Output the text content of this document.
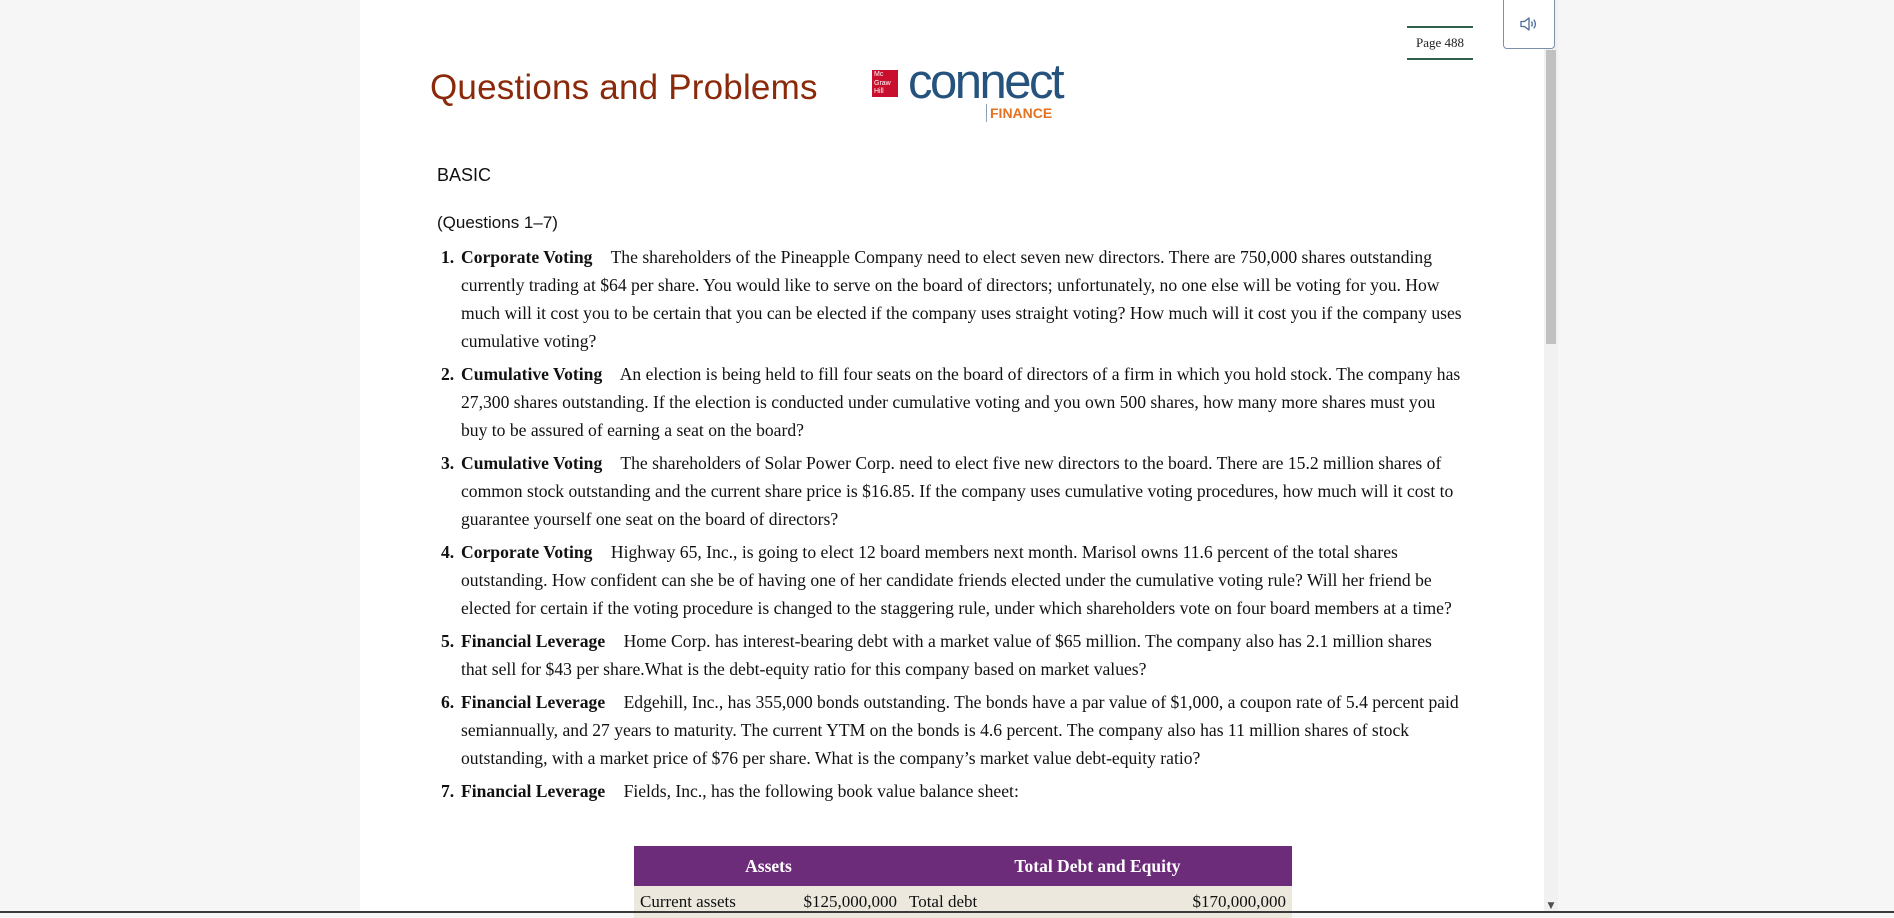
▼
Page 488
Questions and Problems	Mc
Graw
Hill connect
FINANCE
BASIC
(Questions 1–7)
1. Corporate Voting The shareholders of the Pineapple Company need to elect seven new directors. There are 750,000 shares outstanding currently trading at $64 per share. You would like to serve on the board of directors; unfortunately, no one else will be voting for you. How much will it cost you to be certain that you can be elected if the company uses straight voting? How much will it cost you if the company uses cumulative voting?
2. Cumulative Voting An election is being held to fill four seats on the board of directors of a firm in which you hold stock. The company has 27,300 shares outstanding. If the election is conducted under cumulative voting and you own 500 shares, how many more shares must you buy to be assured of earning a seat on the board?
3. Cumulative Voting The shareholders of Solar Power Corp. need to elect five new directors to the board. There are 15.2 million shares of common stock outstanding and the current share price is $16.85. If the company uses cumulative voting procedures, how much will it cost to guarantee yourself one seat on the board of directors?
4. Corporate Voting Highway 65, Inc., is going to elect 12 board members next month. Marisol owns 11.6 percent of the total shares outstanding. How confident can she be of having one of her candidate friends elected under the cumulative voting rule? Will her friend be elected for certain if the voting procedure is changed to the staggering rule, under which shareholders vote on four board members at a time?
5. Financial Leverage Home Corp. has interest-bearing debt with a market value of $65 million. The company also has 2.1 million shares that sell for $43 per share.What is the debt-equity ratio for this company based on market values?
6. Financial Leverage Edgehill, Inc., has 355,000 bonds outstanding. The bonds have a par value of $1,000, a coupon rate of 5.4 percent paid semiannually, and 27 years to maturity. The current YTM on the bonds is 4.6 percent. The company also has 11 million shares of stock outstanding, with a market price of $76 per share. What is the company’s market value debt-equity ratio?
7. Financial Leverage Fields, Inc., has the following book value balance sheet:
Assets		Total Debt and Equity	
Current assets	$125,000,000	Total debt	$170,000,000
